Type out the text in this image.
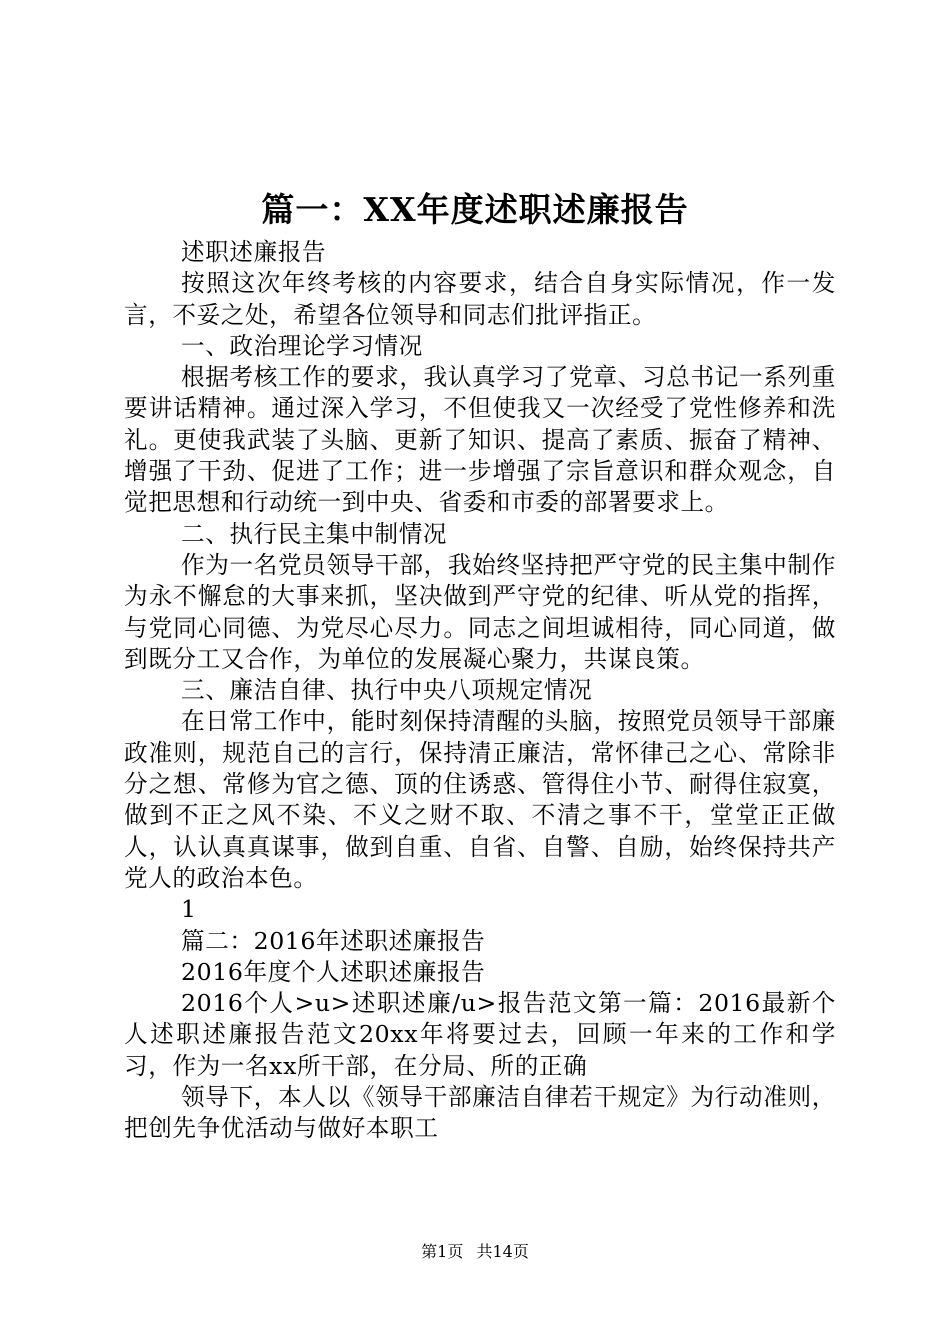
篇一：XX年度述职述廉报告

述职述廉报告

按照这次年终考核的内容要求，结合自身实际情况，作一发言，不妥之处，希望各位领导和同志们批评指正。

一、政治理论学习情况

根据考核工作的要求，我认真学习了党章、习总书记一系列重要讲话精神。通过深入学习，不但使我又一次经受了党性修养和洗礼。更使我武装了头脑、更新了知识、提高了素质、振奋了精神、增强了干劲、促进了工作；进一步增强了宗旨意识和群众观念，自觉把思想和行动统一到中央、省委和市委的部署要求上。

二、执行民主集中制情况

作为一名党员领导干部，我始终坚持把严守党的民主集中制作为永不懈怠的大事来抓，坚决做到严守党的纪律、听从党的指挥，与党同心同德、为党尽心尽力。同志之间坦诚相待，同心同道，做到既分工又合作，为单位的发展凝心聚力，共谋良策。

三、廉洁自律、执行中央八项规定情况

在日常工作中，能时刻保持清醒的头脑，按照党员领导干部廉政准则，规范自己的言行，保持清正廉洁，常怀律己之心、常除非分之想、常修为官之德、顶的住诱惑、管得住小节、耐得住寂寞，做到不正之风不染、不义之财不取、不清之事不干，堂堂正正做人，认认真真谋事，做到自重、自省、自警、自励，始终保持共产党人的政治本色。

1

篇二：2016年述职述廉报告

2016年度个人述职述廉报告

2016个人>u>述职述廉/u>报告范文第一篇：2016最新个人述职述廉报告范文20xx年将要过去，回顾一年来的工作和学习，作为一名xx所干部，在分局、所的正确

领导下，本人以《领导干部廉洁自律若干规定》为行动准则，把创先争优活动与做好本职工

第1页 共14页
